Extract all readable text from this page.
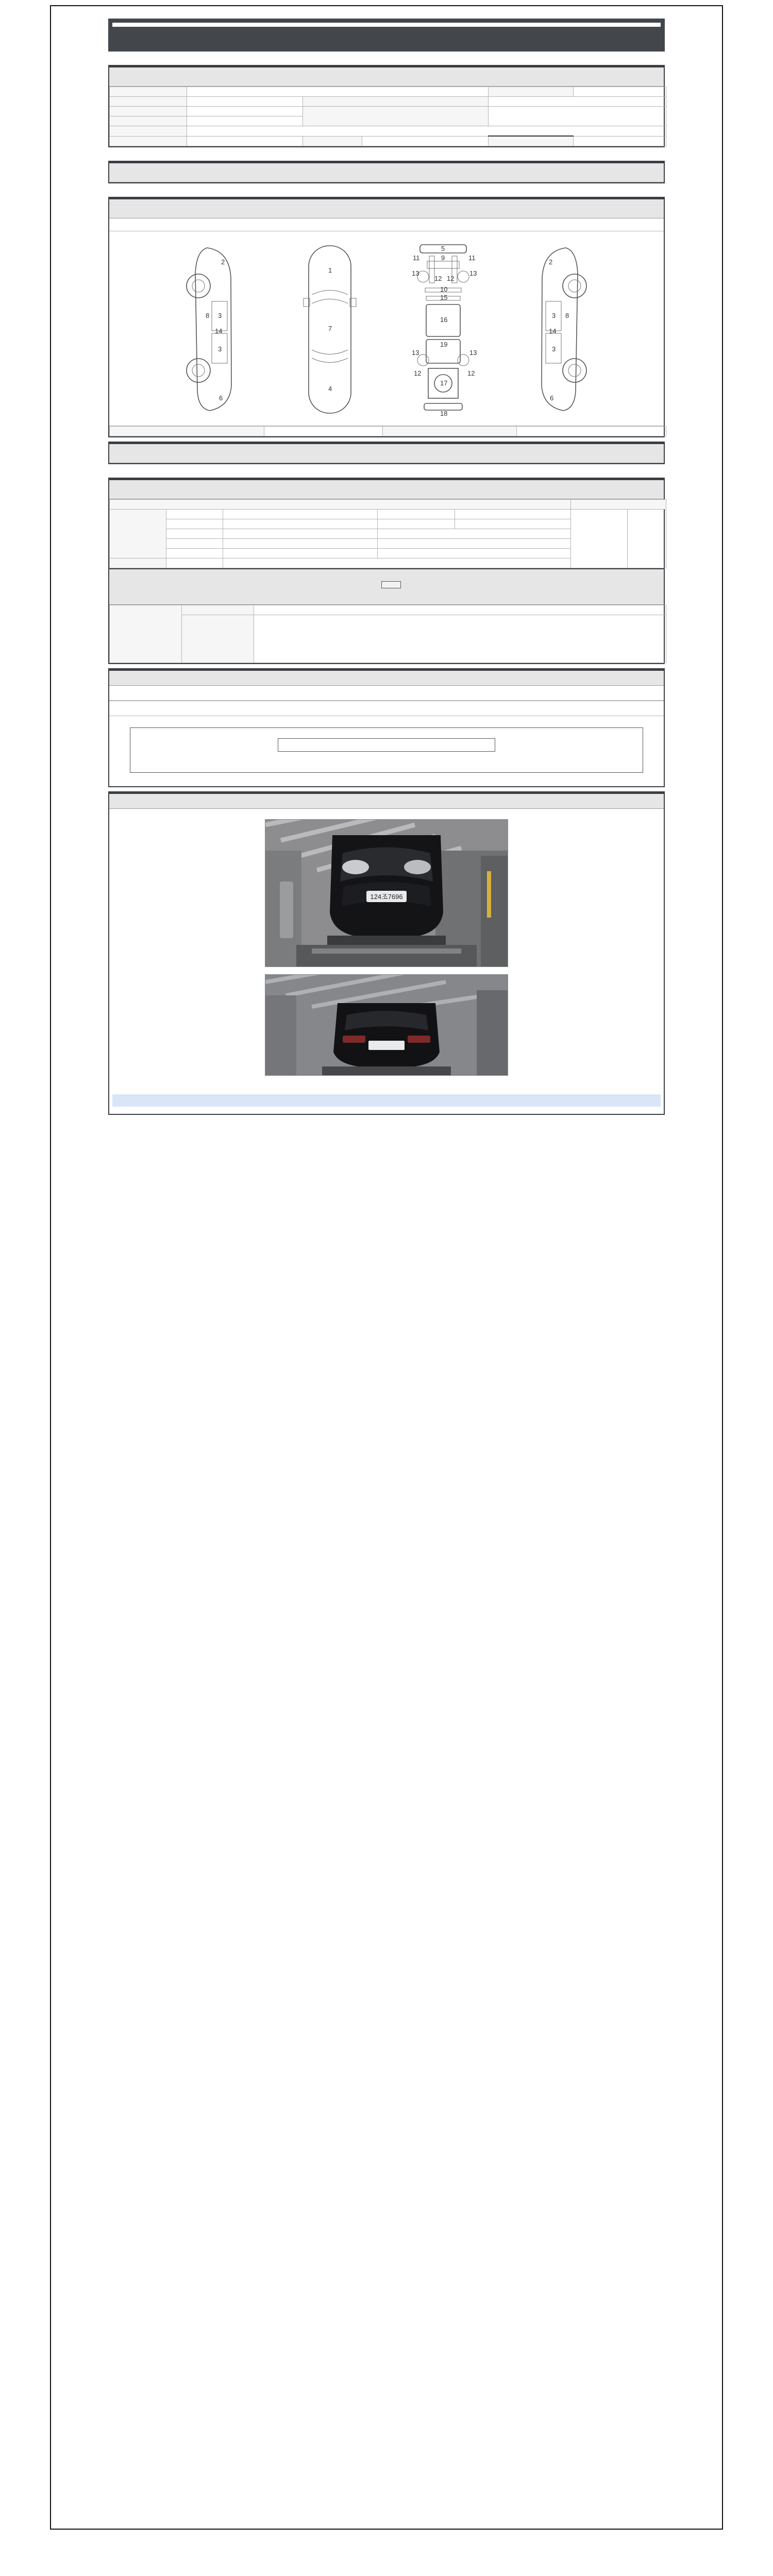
2
8 3
14
3
6
1
7
4
5
11	11
13	13
12 12
9
10
15
16
13	13
19
12	12
17
18
2
8
3
14
3
6

124조7696
